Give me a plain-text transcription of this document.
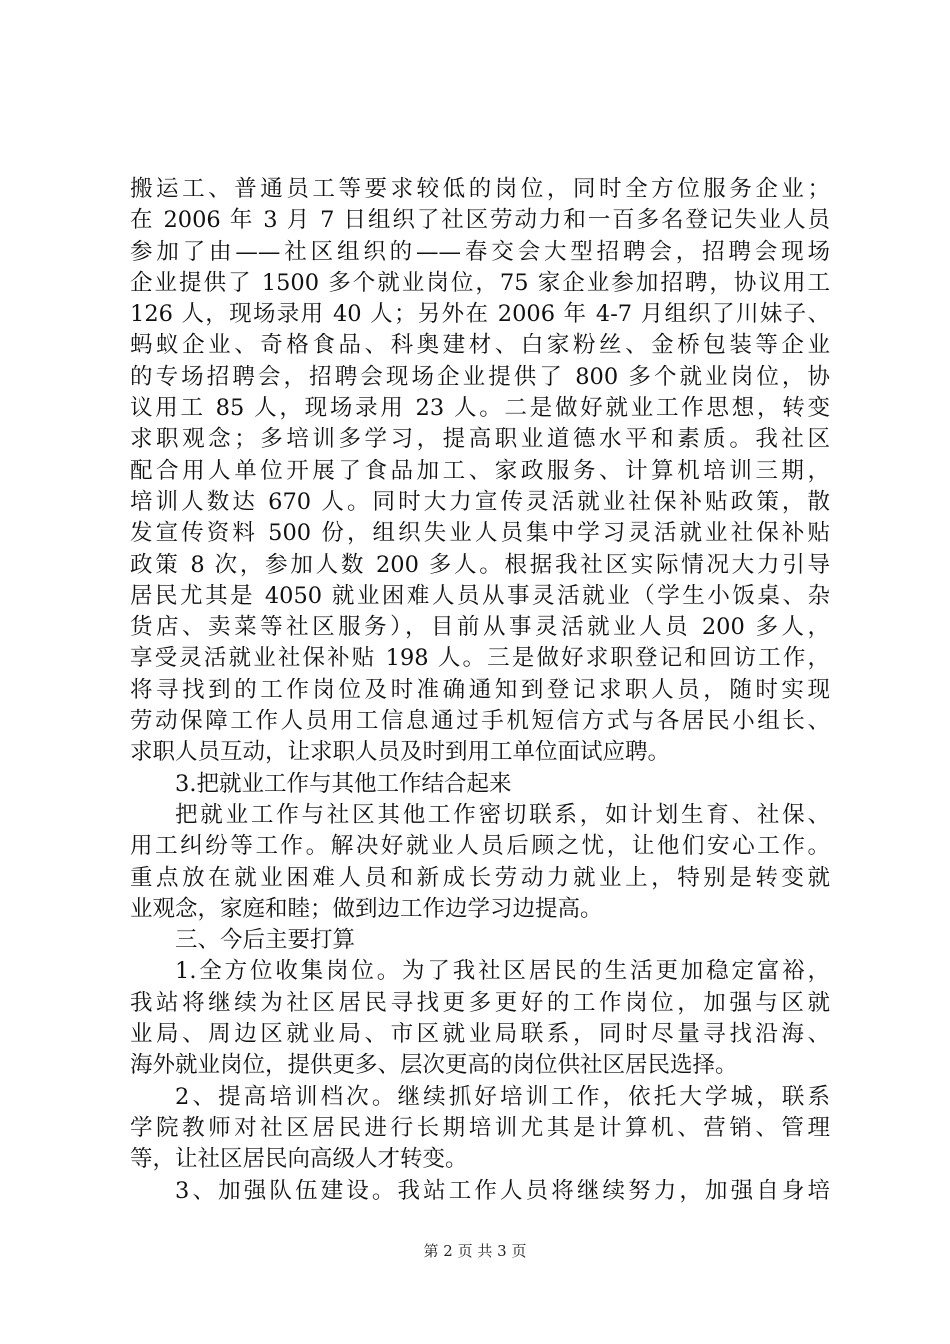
搬运工、普通员工等要求较低的岗位，同时全方位服务企业；
在 2006 年 3 月 7 日组织了社区劳动力和一百多名登记失业人员
参加了由——社区组织的——春交会大型招聘会，招聘会现场
企业提供了 1500 多个就业岗位，75 家企业参加招聘，协议用工
126 人，现场录用 40 人；另外在 2006 年 4-7 月组织了川妹子、
蚂蚁企业、奇格食品、科奥建材、白家粉丝、金桥包装等企业
的专场招聘会，招聘会现场企业提供了 800 多个就业岗位，协
议用工 85 人，现场录用 23 人。二是做好就业工作思想，转变
求职观念；多培训多学习，提高职业道德水平和素质。我社区
配合用人单位开展了食品加工、家政服务、计算机培训三期，
培训人数达 670 人。同时大力宣传灵活就业社保补贴政策，散
发宣传资料 500 份，组织失业人员集中学习灵活就业社保补贴
政策 8 次，参加人数 200 多人。根据我社区实际情况大力引导
居民尤其是 4050 就业困难人员从事灵活就业（学生小饭桌、杂
货店、卖菜等社区服务），目前从事灵活就业人员 200 多人，
享受灵活就业社保补贴 198 人。三是做好求职登记和回访工作，
将寻找到的工作岗位及时准确通知到登记求职人员，随时实现
劳动保障工作人员用工信息通过手机短信方式与各居民小组长、
求职人员互动，让求职人员及时到用工单位面试应聘。
3.把就业工作与其他工作结合起来
把就业工作与社区其他工作密切联系，如计划生育、社保、
用工纠纷等工作。解决好就业人员后顾之忧，让他们安心工作。
重点放在就业困难人员和新成长劳动力就业上，特别是转变就
业观念，家庭和睦；做到边工作边学习边提高。
三、今后主要打算
1.全方位收集岗位。为了我社区居民的生活更加稳定富裕，
我站将继续为社区居民寻找更多更好的工作岗位，加强与区就
业局、周边区就业局、市区就业局联系，同时尽量寻找沿海、
海外就业岗位，提供更多、层次更高的岗位供社区居民选择。
2、提高培训档次。继续抓好培训工作，依托大学城，联系
学院教师对社区居民进行长期培训尤其是计算机、营销、管理
等，让社区居民向高级人才转变。
3、加强队伍建设。我站工作人员将继续努力，加强自身培
第 2 页 共 3 页
